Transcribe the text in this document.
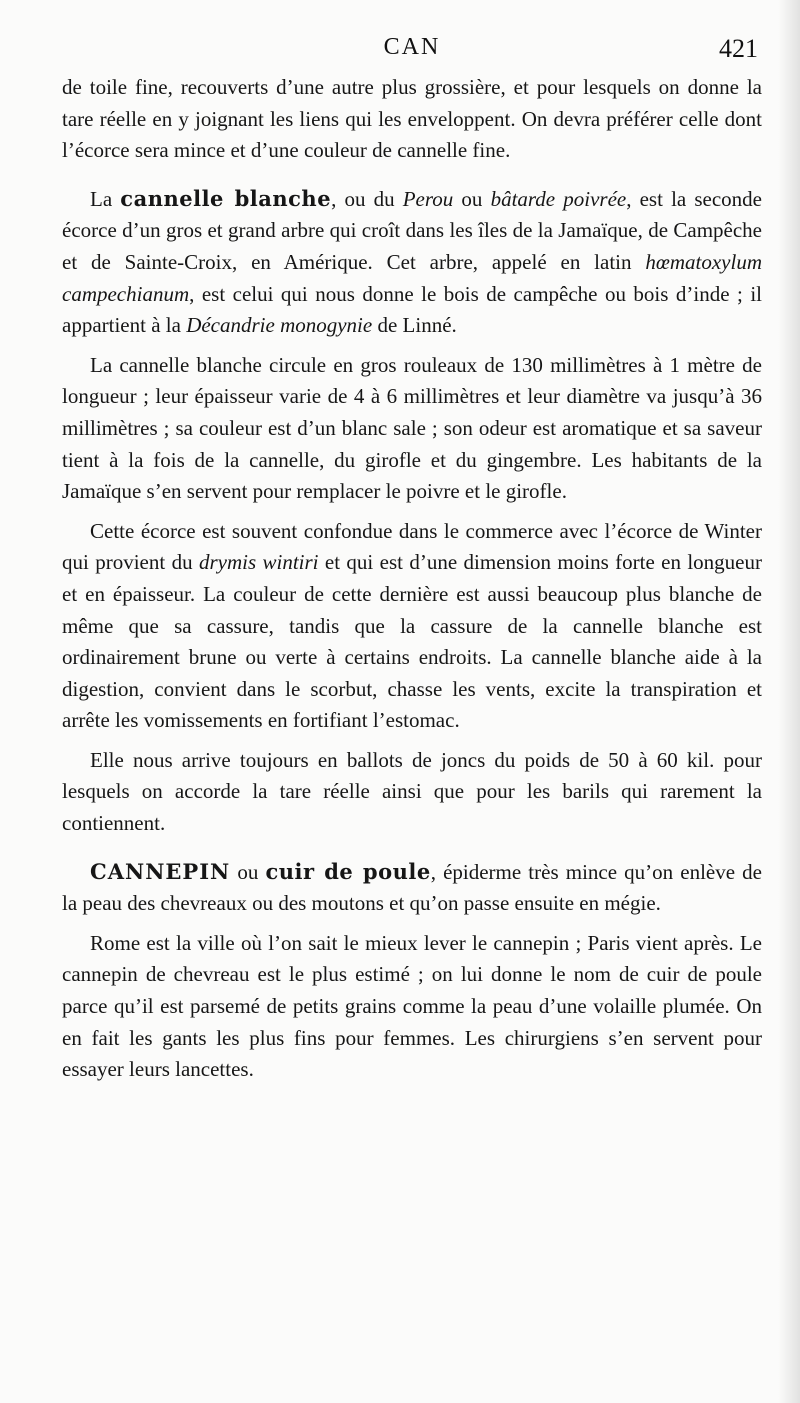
CAN	421

de toile fine, recouverts d’une autre plus grossière, et pour lesquels on donne la tare réelle en y joignant les liens qui les enveloppent. On devra préférer celle dont l’écorce sera mince et d’une couleur de cannelle fine.

La cannelle blanche, ou du Perou ou bâtarde poivrée, est la seconde écorce d’un gros et grand arbre qui croît dans les îles de la Jamaïque, de Campêche et de Sainte-Croix, en Amérique. Cet arbre, appelé en latin hœmatoxylum campechianum, est celui qui nous donne le bois de campêche ou bois d’inde ; il appartient à la Décandrie monogynie de Linné.

La cannelle blanche circule en gros rouleaux de 130 millimètres à 1 mètre de longueur ; leur épaisseur varie de 4 à 6 millimètres et leur diamètre va jusqu’à 36 millimètres ; sa couleur est d’un blanc sale ; son odeur est aromatique et sa saveur tient à la fois de la cannelle, du girofle et du gingembre. Les habitants de la Jamaïque s’en servent pour remplacer le poivre et le girofle.

Cette écorce est souvent confondue dans le commerce avec l’écorce de Winter qui provient du drymis wintiri et qui est d’une dimension moins forte en longueur et en épaisseur. La couleur de cette dernière est aussi beaucoup plus blanche de même que sa cassure, tandis que la cassure de la cannelle blanche est ordinairement brune ou verte à certains endroits. La cannelle blanche aide à la digestion, convient dans le scorbut, chasse les vents, excite la transpiration et arrête les vomissements en fortifiant l’estomac.

Elle nous arrive toujours en ballots de joncs du poids de 50 à 60 kil. pour lesquels on accorde la tare réelle ainsi que pour les barils qui rarement la contiennent.

CANNEPIN ou cuir de poule, épiderme très mince qu’on enlève de la peau des chevreaux ou des moutons et qu’on passe ensuite en mégie.

Rome est la ville où l’on sait le mieux lever le cannepin ; Paris vient après. Le cannepin de chevreau est le plus estimé ; on lui donne le nom de cuir de poule parce qu’il est parsemé de petits grains comme la peau d’une volaille plumée. On en fait les gants les plus fins pour femmes. Les chirurgiens s’en servent pour essayer leurs lancettes.
